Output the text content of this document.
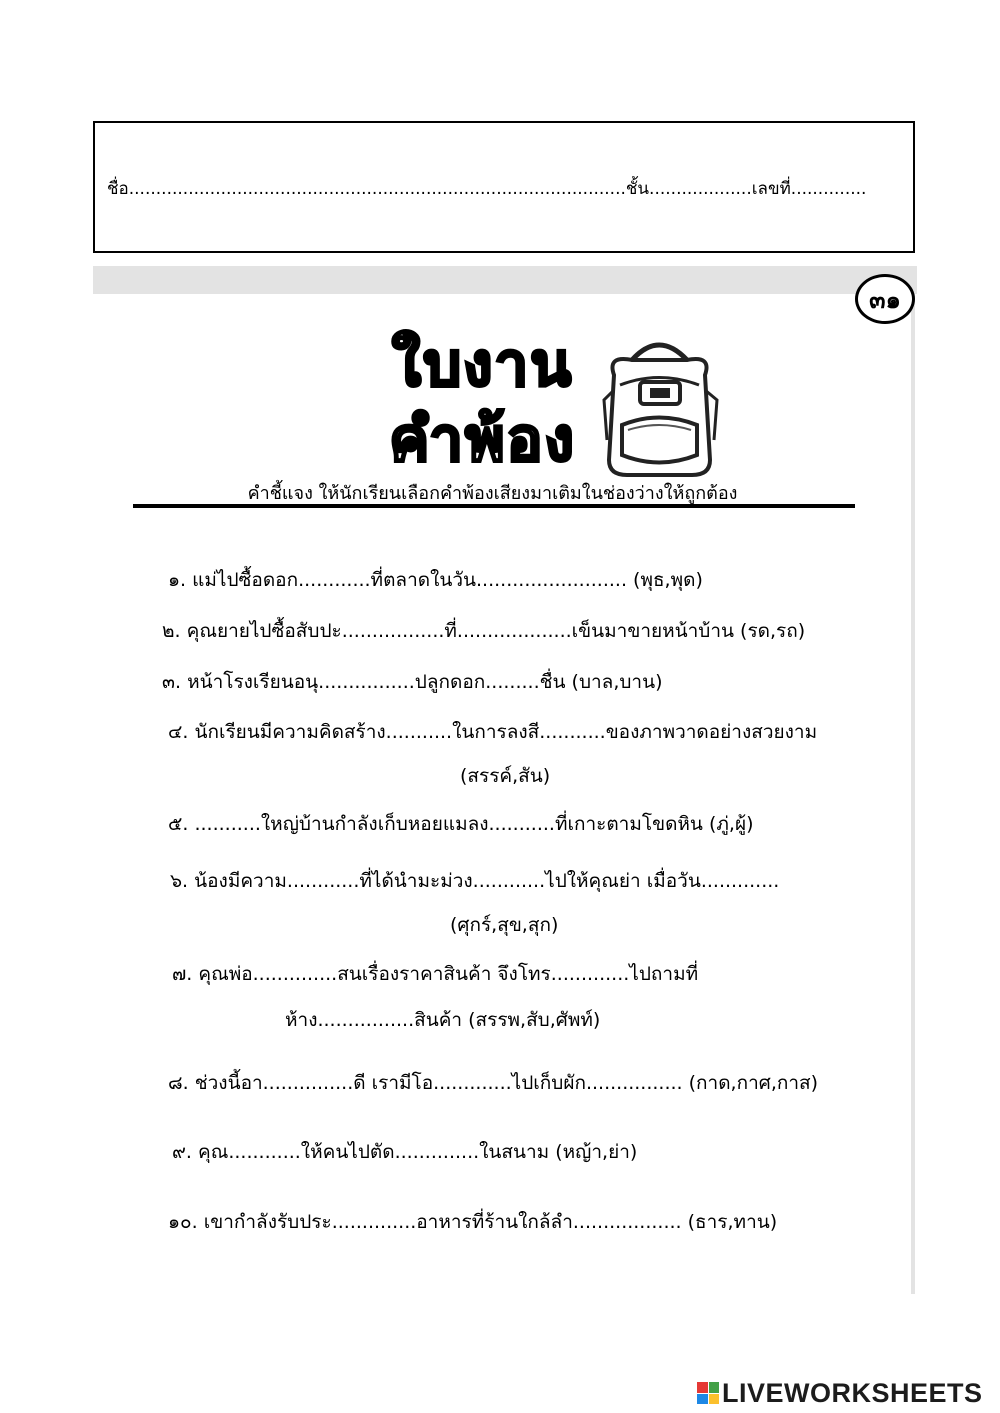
ชื่อ............................................................................................ชั้น...................เลขที่..............
๓๑
ใบงาน
คำพ้อง
คำชี้แจง ให้นักเรียนเลือกคำพ้องเสียงมาเติมในช่องว่างให้ถูกต้อง
๑. แม่ไปซื้อดอก............ที่ตลาดในวัน......................... (พุธ,พุด)
๒. คุณยายไปซื้อสับปะ.................ที่...................เข็นมาขายหน้าบ้าน (รด,รถ)
๓. หน้าโรงเรียนอนุ................ปลูกดอก.........ชื่น (บาล,บาน)
๔. นักเรียนมีความคิดสร้าง...........ในการลงสี...........ของภาพวาดอย่างสวยงาม
(สรรค์,สัน)
๕. ...........ใหญ่บ้านกำลังเก็บหอยแมลง...........ที่เกาะตามโขดหิน (ภู่,ผู้)
๖. น้องมีความ............ที่ได้นำมะม่วง............ไปให้คุณย่า เมื่อวัน.............
(ศุกร์,สุข,สุก)
๗. คุณพ่อ..............สนเรื่องราคาสินค้า จึงโทร.............ไปถามที่
ห้าง................สินค้า (สรรพ,สับ,ศัพท์)
๘. ช่วงนี้อา...............ดี เรามีโอ.............ไปเก็บผัก................ (กาด,กาศ,กาส)
๙. คุณ............ให้คนไปตัด..............ในสนาม (หญ้า,ย่า)
๑๐. เขากำลังรับประ..............อาหารที่ร้านใกล้ลำ.................. (ธาร,ทาน)
LIVEWORKSHEETS
